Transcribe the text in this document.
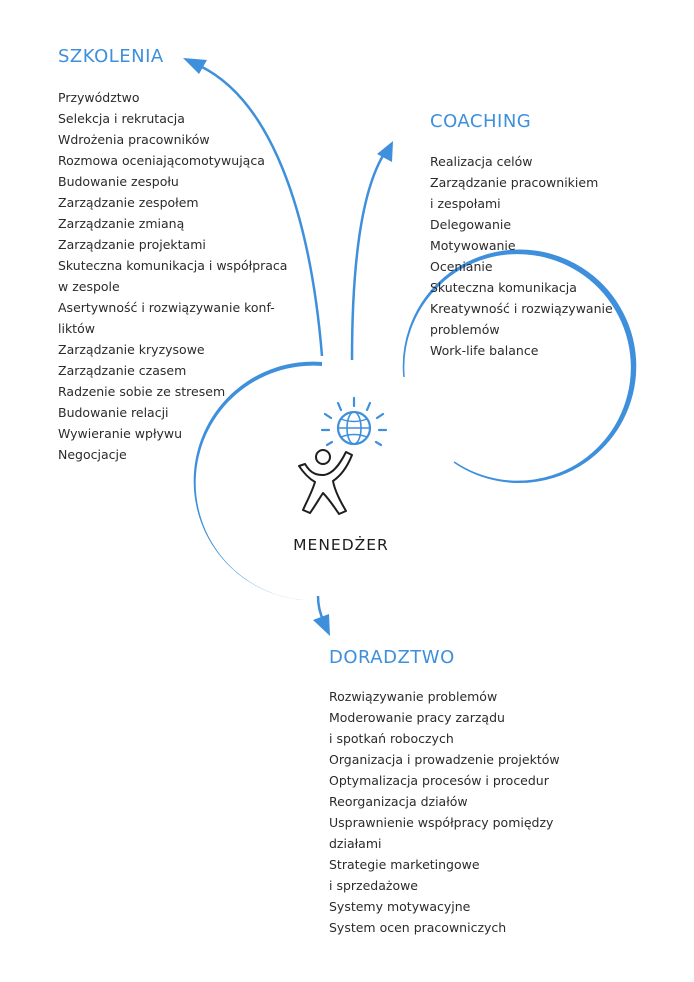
SZKOLENIA
Przywództwo
Selekcja i rekrutacja
Wdrożenia pracowników
Rozmowa oceniającomotywująca
Budowanie zespołu
Zarządzanie zespołem
Zarządzanie zmianą
Zarządzanie projektami
Skuteczna komunikacja i współpraca
w zespole
Asertywność i rozwiązywanie konf-
liktów
Zarządzanie kryzysowe
Zarządzanie czasem
Radzenie sobie ze stresem
Budowanie relacji
Wywieranie wpływu
Negocjacje
COACHING
Realizacja celów
Zarządzanie pracownikiem
i zespołami
Delegowanie
Motywowanie
Ocenianie
Skuteczna komunikacja
Kreatywność i rozwiązywanie
problemów
Work-life balance
MENEDŻER
DORADZTWO
Rozwiązywanie problemów
Moderowanie pracy zarządu
i spotkań roboczych
Organizacja i prowadzenie projektów
Optymalizacja procesów i procedur
Reorganizacja działów
Usprawnienie współpracy pomiędzy
działami
Strategie marketingowe
i sprzedażowe
Systemy motywacyjne
System ocen pracowniczych
